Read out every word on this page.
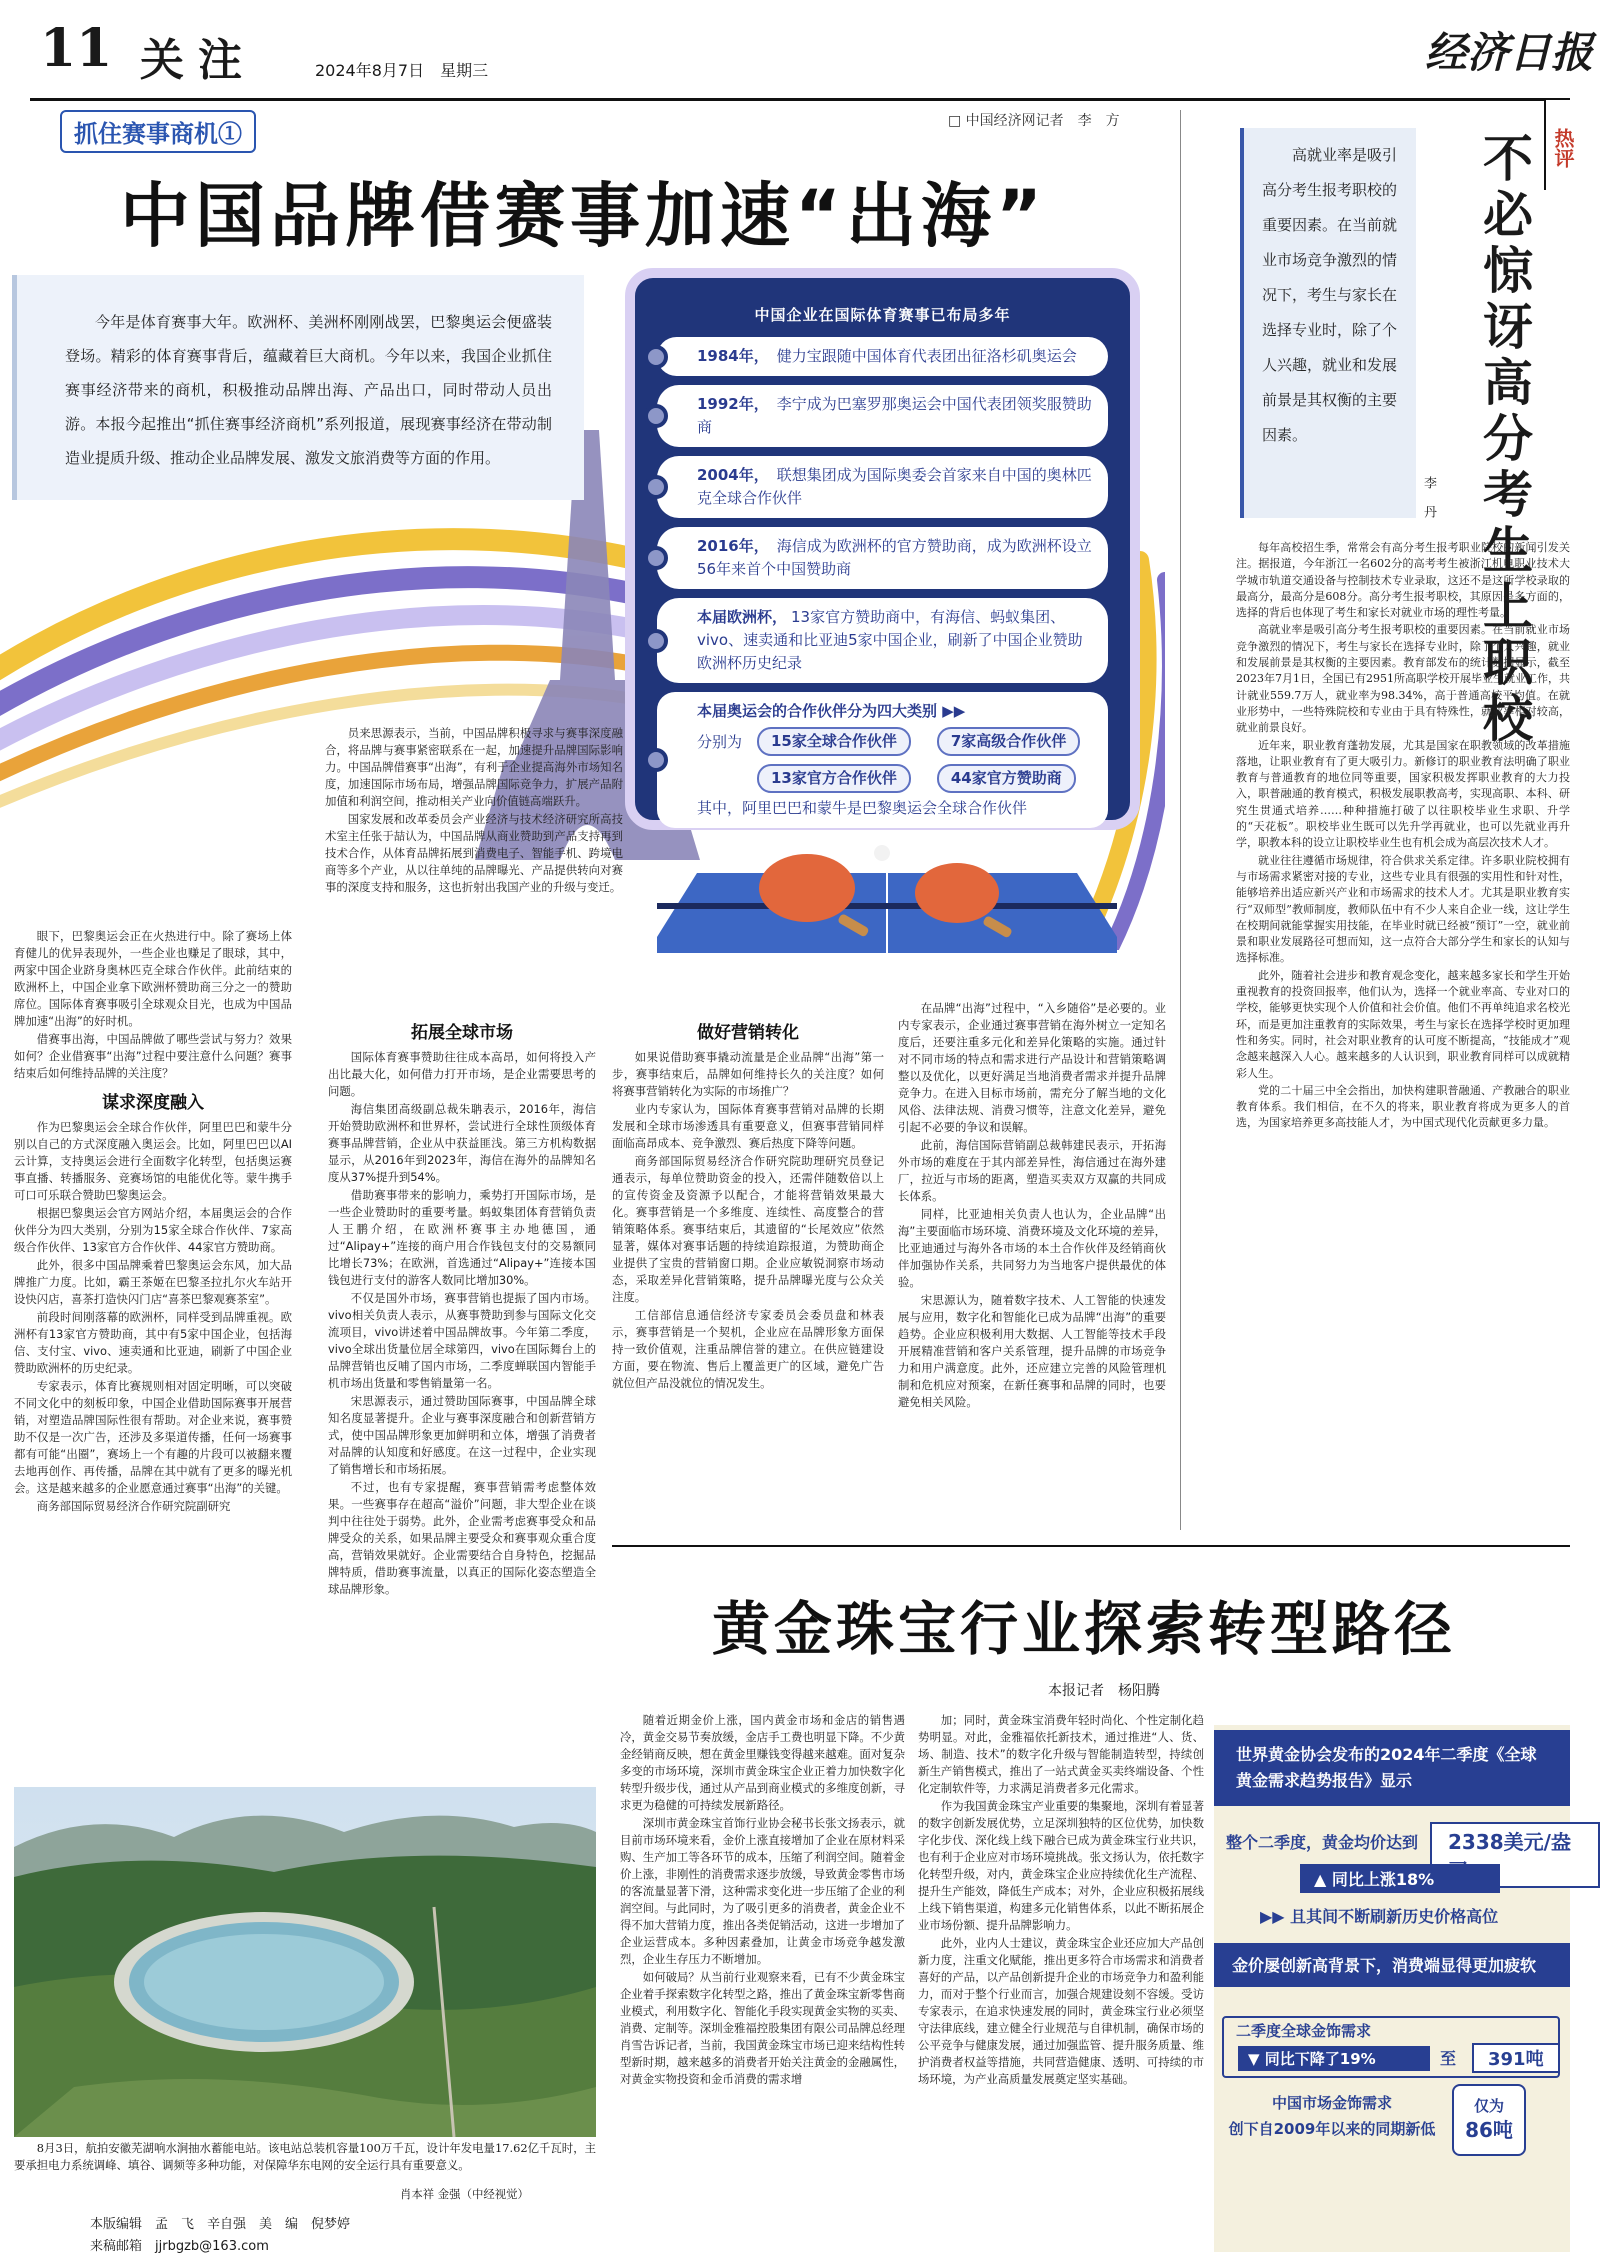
11 关注	2024年8月7日　星期三	经济日报
抓住赛事商机①	□ 中国经济网记者　李　方
中国品牌借赛事加速“出海”

今年是体育赛事大年。欧洲杯、美洲杯刚刚战罢，巴黎奥运会便盛装登场。精彩的体育赛事背后，蕴藏着巨大商机。今年以来，我国企业抓住赛事经济带来的商机，积极推动品牌出海、产品出口，同时带动人员出游。本报今起推出“抓住赛事经济商机”系列报道，展现赛事经济在带动制造业提质升级、推动企业品牌发展、激发文旅消费等方面的作用。

中国企业在国际体育赛事已布局多年
1984年， 健力宝跟随中国体育代表团出征洛杉矶奥运会
1992年， 李宁成为巴塞罗那奥运会中国代表团领奖服赞助商
2004年， 联想集团成为国际奥委会首家来自中国的奥林匹克全球合作伙伴
2016年， 海信成为欧洲杯的官方赞助商，成为欧洲杯设立56年来首个中国赞助商
本届欧洲杯， 13家官方赞助商中，有海信、蚂蚁集团、vivo、速卖通和比亚迪5家中国企业，刷新了中国企业赞助欧洲杯历史纪录
本届奥运会的合作伙伴分为四大类别 ▶▶
分别为	15家全球合作伙伴	7家高级合作伙伴
13家官方合作伙伴	44家官方赞助商
其中，阿里巴巴和蒙牛是巴黎奥运会全球合作伙伴

员来思源表示，当前，中国品牌积极寻求与赛事深度融合，将品牌与赛事紧密联系在一起，加速提升品牌国际影响力。中国品牌借赛事“出海”，有利于企业提高海外市场知名度，加速国际市场布局，增强品牌国际竞争力，扩展产品附加值和利润空间，推动相关产业向价值链高端跃升。

国家发展和改革委员会产业经济与技术经济研究所高技术室主任张于喆认为，中国品牌从商业赞助到产品支持再到技术合作，从体育品牌拓展到消费电子、智能手机、跨境电商等多个产业，从以往单纯的品牌曝光、产品提供转向对赛事的深度支持和服务，这也折射出我国产业的升级与变迁。

眼下，巴黎奥运会正在火热进行中。除了赛场上体育健儿的优异表现外，一些企业也赚足了眼球，其中，两家中国企业跻身奥林匹克全球合作伙伴。此前结束的欧洲杯上，中国企业拿下欧洲杯赞助商三分之一的赞助席位。国际体育赛事吸引全球观众目光，也成为中国品牌加速“出海”的好时机。

借赛事出海，中国品牌做了哪些尝试与努力？效果如何？企业借赛事“出海”过程中要注意什么问题？赛事结束后如何维持品牌的关注度？

谋求深度融入

作为巴黎奥运会全球合作伙伴，阿里巴巴和蒙牛分别以自己的方式深度融入奥运会。比如，阿里巴巴以AI云计算，支持奥运会进行全面数字化转型，包括奥运赛事直播、转播服务、竞赛场馆的电能优化等。蒙牛携手可口可乐联合赞助巴黎奥运会。

根据巴黎奥运会官方网站介绍，本届奥运会的合作伙伴分为四大类别，分别为15家全球合作伙伴、7家高级合作伙伴、13家官方合作伙伴、44家官方赞助商。

此外，很多中国品牌乘着巴黎奥运会东风，加大品牌推广力度。比如，霸王茶姬在巴黎圣拉扎尔火车站开设快闪店，喜茶打造快闪门店“喜茶巴黎观赛茶室”。

前段时间刚落幕的欧洲杯，同样受到品牌重视。欧洲杯有13家官方赞助商，其中有5家中国企业，包括海信、支付宝、vivo、速卖通和比亚迪，刷新了中国企业赞助欧洲杯的历史纪录。

专家表示，体育比赛规则相对固定明晰，可以突破不同文化中的刻板印象，中国企业借助国际赛事开展营销，对塑造品牌国际性很有帮助。对企业来说，赛事赞助不仅是一次广告，还涉及多渠道传播，任何一场赛事都有可能“出圈”，赛场上一个有趣的片段可以被翻来覆去地再创作、再传播，品牌在其中就有了更多的曝光机会。这是越来越多的企业愿意通过赛事“出海”的关键。

商务部国际贸易经济合作研究院副研究

拓展全球市场

国际体育赛事赞助往往成本高昂，如何将投入产出比最大化，如何借力打开市场，是企业需要思考的问题。

海信集团高级副总裁朱聃表示，2016年，海信开始赞助欧洲杯和世界杯，尝试进行全球性顶级体育赛事品牌营销，企业从中获益匪浅。第三方机构数据显示，从2016年到2023年，海信在海外的品牌知名度从37%提升到54%。

借助赛事带来的影响力，乘势打开国际市场，是一些企业赞助时的重要考量。蚂蚁集团体育营销负责人王鹏介绍，在欧洲杯赛事主办地德国，通过“Alipay+”连接的商户用合作钱包支付的交易额同比增长73%；在欧洲，首选通过“Alipay+”连接本国钱包进行支付的游客人数同比增加30%。

不仅是国外市场，赛事营销也提振了国内市场。vivo相关负责人表示，从赛事赞助到参与国际文化交流项目，vivo讲述着中国品牌故事。今年第二季度，vivo全球出货量位居全球第四，vivo在国际舞台上的品牌营销也反哺了国内市场，二季度蝉联国内智能手机市场出货量和零售销量第一名。

宋思源表示，通过赞助国际赛事，中国品牌全球知名度显著提升。企业与赛事深度融合和创新营销方式，使中国品牌形象更加鲜明和立体，增强了消费者对品牌的认知度和好感度。在这一过程中，企业实现了销售增长和市场拓展。

不过，也有专家提醒，赛事营销需考虑整体效果。一些赛事存在超高“溢价”问题，非大型企业在谈判中往往处于弱势。此外，企业需考虑赛事受众和品牌受众的关系，如果品牌主要受众和赛事观众重合度高，营销效果就好。企业需要结合自身特色，挖掘品牌特质，借助赛事流量，以真正的国际化姿态塑造全球品牌形象。

做好营销转化

如果说借助赛事撬动流量是企业品牌“出海”第一步，赛事结束后，品牌如何维持长久的关注度？如何将赛事营销转化为实际的市场推广？

业内专家认为，国际体育赛事营销对品牌的长期发展和全球市场渗透具有重要意义，但赛事营销同样面临高昂成本、竞争激烈、赛后热度下降等问题。

商务部国际贸易经济合作研究院助理研究员登记通表示，每单位赞助资金的投入，还需伴随数倍以上的宣传资金及资源予以配合，才能将营销效果最大化。赛事营销是一个多维度、连续性、高度整合的营销策略体系。赛事结束后，其遗留的“长尾效应”依然显著，媒体对赛事话题的持续追踪报道，为赞助商企业提供了宝贵的营销窗口期。企业应敏锐洞察市场动态，采取差异化营销策略，提升品牌曝光度与公众关注度。

工信部信息通信经济专家委员会委员盘和林表示，赛事营销是一个契机，企业应在品牌形象方面保持一致价值观，注重品牌信誉的建立。在供应链建设方面，要在物流、售后上覆盖更广的区域，避免广告就位但产品没就位的情况发生。

在品牌“出海”过程中，“入乡随俗”是必要的。业内专家表示，企业通过赛事营销在海外树立一定知名度后，还要注重多元化和差异化策略的实施。通过针对不同市场的特点和需求进行产品设计和营销策略调整以及优化，以更好满足当地消费者需求并提升品牌竞争力。在进入目标市场前，需充分了解当地的文化风俗、法律法规、消费习惯等，注意文化差异，避免引起不必要的争议和误解。

此前，海信国际营销副总裁韩建民表示，开拓海外市场的难度在于其内部差异性，海信通过在海外建厂，拉近与市场的距离，塑造买卖双方双赢的共同成长体系。

同样，比亚迪相关负责人也认为，企业品牌“出海”主要面临市场环境、消费环境及文化环境的差异，比亚迪通过与海外各市场的本土合作伙伴及经销商伙伴加强协作关系，共同努力为当地客户提供最优的体验。

宋思源认为，随着数字技术、人工智能的快速发展与应用，数字化和智能化已成为品牌“出海”的重要趋势。企业应积极利用大数据、人工智能等技术手段开展精准营销和客户关系管理，提升品牌的市场竞争力和用户满意度。此外，还应建立完善的风险管理机制和危机应对预案，在新任赛事和品牌的同时，也要避免相关风险。

热评
不必惊讶高分考生上职校

高就业率是吸引高分考生报考职校的重要因素。在当前就业市场竞争激烈的情况下，考生与家长在选择专业时，除了个人兴趣，就业和发展前景是其权衡的主要因素。

李丹

每年高校招生季，常常会有高分考生报考职业院校的新闻引发关注。据报道，今年浙江一名602分的高考考生被浙江机电职业技术大学城市轨道交通设备与控制技术专业录取，这还不是这所学校录取的最高分，最高分是608分。高分考生报考职校，其原因是多方面的，选择的背后也体现了考生和家长对就业市场的理性考量。

高就业率是吸引高分考生报考职校的重要因素。在当前就业市场竞争激烈的情况下，考生与家长在选择专业时，除了个人兴趣，就业和发展前景是其权衡的主要因素。教育部发布的统计数据显示，截至2023年7月1日，全国已有2951所高职学校开展毕业生就业工作，共计就业559.7万人，就业率为98.34%，高于普通高校平均值。在就业形势中，一些特殊院校和专业由于具有特殊性，就业率相对较高，就业前景良好。

近年来，职业教育蓬勃发展，尤其是国家在职教领域的改革措施落地，让职业教育有了更大吸引力。新修订的职业教育法明确了职业教育与普通教育的地位同等重要，国家积极发挥职业教育的大力投入，职普融通的教育模式，积极发展职教高考，实现高职、本科、研究生贯通式培养……种种措施打破了以往职校毕业生求职、升学的“天花板”。职校毕业生既可以先升学再就业，也可以先就业再升学，职教本科的设立让职校毕业生也有机会成为高层次技术人才。

就业往往遵循市场规律，符合供求关系定律。许多职业院校拥有与市场需求紧密对接的专业，这些专业具有很强的实用性和针对性，能够培养出适应新兴产业和市场需求的技术人才。尤其是职业教育实行“双师型”教师制度，教师队伍中有不少人来自企业一线，这让学生在校期间就能掌握实用技能，在毕业时就已经被“预订”一空，就业前景和职业发展路径可想而知，这一点符合大部分学生和家长的认知与选择标准。

此外，随着社会进步和教育观念变化，越来越多家长和学生开始重视教育的投资回报率，他们认为，选择一个就业率高、专业对口的学校，能够更快实现个人价值和社会价值。他们不再单纯追求名校光环，而是更加注重教育的实际效果，考生与家长在选择学校时更加理性和务实。同时，社会对职业教育的认可度不断提高，“技能成才”观念越来越深入人心。越来越多的人认识到，职业教育同样可以成就精彩人生。

党的二十届三中全会指出，加快构建职普融通、产教融合的职业教育体系。我们相信，在不久的将来，职业教育将成为更多人的首选，为国家培养更多高技能人才，为中国式现代化贡献更多力量。

黄金珠宝行业探索转型路径
本报记者　杨阳腾

随着近期金价上涨，国内黄金市场和金店的销售遇冷，黄金交易节奏放缓，金店手工费也明显下降。不少黄金经销商反映，想在黄金里赚钱变得越来越难。面对复杂多变的市场环境，深圳市黄金珠宝企业正着力加快数字化转型升级步伐，通过从产品到商业模式的多维度创新，寻求更为稳健的可持续发展新路径。

深圳市黄金珠宝首饰行业协会秘书长张文扬表示，就目前市场环境来看，金价上涨直接增加了企业在原材料采购、生产加工等各环节的成本，压缩了利润空间。随着金价上涨，非刚性的消费需求逐步放缓，导致黄金零售市场的客流量显著下滑，这种需求变化进一步压缩了企业的利润空间。与此同时，为了吸引更多的消费者，黄金企业不得不加大营销力度，推出各类促销活动，这进一步增加了企业运营成本。多种因素叠加，让黄金市场竞争越发激烈，企业生存压力不断增加。

如何破局？从当前行业观察来看，已有不少黄金珠宝企业着手探索数字化转型之路，推出了黄金珠宝新零售商业模式，利用数字化、智能化手段实现黄金实物的买卖、消费、定制等。深圳金雅福控股集团有限公司品牌总经理肖雪告诉记者，当前，我国黄金珠宝市场已迎来结构性转型新时期，越来越多的消费者开始关注黄金的金融属性，对黄金实物投资和金币消费的需求增

加；同时，黄金珠宝消费年轻时尚化、个性定制化趋势明显。对此，金雅福依托新技术，通过推进“人、货、场、制造、技术”的数字化升级与智能制造转型，持续创新生产销售模式，推出了一站式黄金买卖终端设备、个性化定制软件等，力求满足消费者多元化需求。

作为我国黄金珠宝产业重要的集聚地，深圳有着显著的数字创新发展优势，立足深圳独特的区位优势，加快数字化步伐、深化线上线下融合已成为黄金珠宝行业共识，也有利于企业应对市场环境挑战。张文扬认为，依托数字化转型升级，对内，黄金珠宝企业应持续优化生产流程、提升生产能效，降低生产成本；对外，企业应积极拓展线上线下销售渠道，构建多元化销售体系，以此不断拓展企业市场份额、提升品牌影响力。

此外，业内人士建议，黄金珠宝企业还应加大产品创新力度，注重文化赋能，推出更多符合市场需求和消费者喜好的产品，以产品创新提升企业的市场竞争力和盈利能力，而对于整个行业而言，加强合规建设刻不容缓。受访专家表示，在追求快速发展的同时，黄金珠宝行业必须坚守法律底线，建立健全行业规范与自律机制，确保市场的公平竞争与健康发展，通过加强监管、提升服务质量、维护消费者权益等措施，共同营造健康、透明、可持续的市场环境，为产业高质量发展奠定坚实基础。

世界黄金协会发布的2024年二季度《全球黄金需求趋势报告》显示
整个二季度，黄金均价达到	2338美元/盎
▲ 同比上涨18%
▶▶ 且其间不断刷新历史价格高位
金价屡创新高背景下，消费端显得更加疲软
二季度全球金饰需求
▼ 同比下降了19%	至	391吨
中国市场金饰需求
创下自2009年以来的同期新低
仅为
86吨

8月3日，航拍安徽芜湖响水涧抽水蓄能电站。该电站总装机容量100万千瓦，设计年发电量17.62亿千瓦时，主要承担电力系统调峰、填谷、调频等多种功能，对保障华东电网的安全运行具有重要意义。

肖本祥 金强（中经视觉）
本版编辑　孟　飞　辛自强　美　编　倪梦婷
来稿邮箱　jjrbgzb@163.com
